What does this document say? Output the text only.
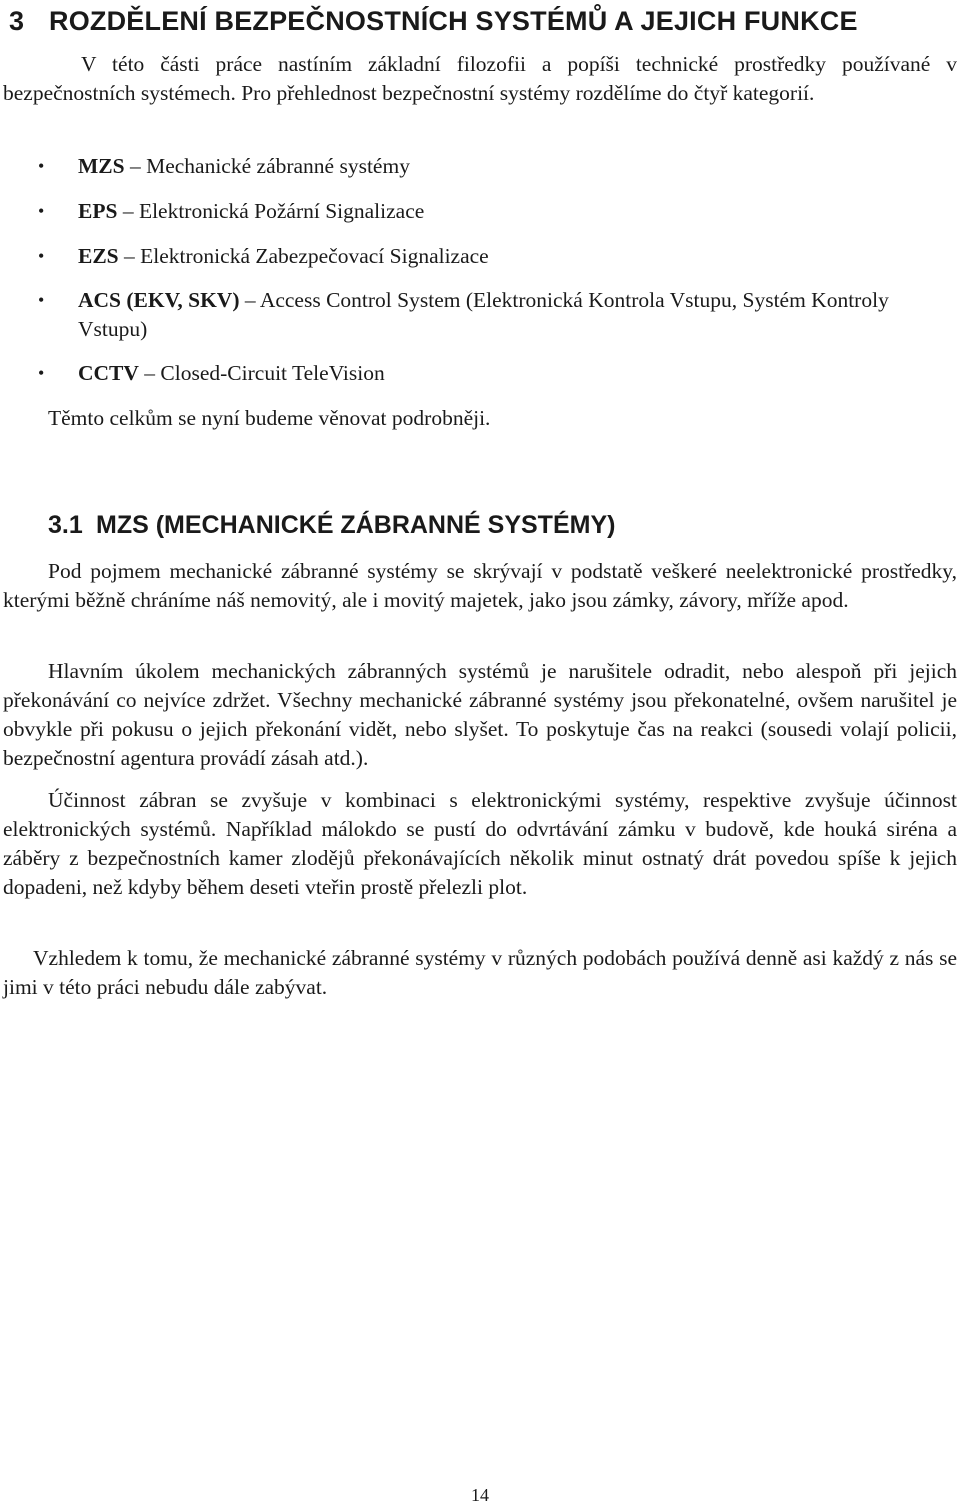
3 ROZDĚLENÍ BEZPEČNOSTNÍCH SYSTÉMŮ A JEJICH FUNKCE

V této části práce nastíním základní filozofii a popíši technické prostředky používané v bezpečnostních systémech. Pro přehlednost bezpečnostní systémy rozdělíme do čtyř kategorií.

• MZS – Mechanické zábranné systémy
• EPS – Elektronická Požární Signalizace
• EZS – Elektronická Zabezpečovací Signalizace
• ACS (EKV, SKV) – Access Control System (Elektronická Kontrola Vstupu, Systém Kontroly Vstupu)
• CCTV – Closed-Circuit TeleVision

Těmto celkům se nyní budeme věnovat podrobněji.

3.1 MZS (MECHANICKÉ ZÁBRANNÉ SYSTÉMY)

Pod pojmem mechanické zábranné systémy se skrývají v podstatě veškeré neelektronické prostředky, kterými běžně chráníme náš nemovitý, ale i movitý majetek, jako jsou zámky, závory, mříže apod.

Hlavním úkolem mechanických zábranných systémů je narušitele odradit, nebo alespoň při jejich překonávání co nejvíce zdržet. Všechny mechanické zábranné systémy jsou překonatelné, ovšem narušitel je obvykle při pokusu o jejich překonání vidět, nebo slyšet. To poskytuje čas na reakci (sousedi volají policii, bezpečnostní agentura provádí zásah atd.).

Účinnost zábran se zvyšuje v kombinaci s elektronickými systémy, respektive zvyšuje účinnost elektronických systémů. Například málokdo se pustí do odvrtávání zámku v budově, kde houká siréna a záběry z bezpečnostních kamer zlodějů překonávajících několik minut ostnatý drát povedou spíše k jejich dopadeni, než kdyby během deseti vteřin prostě přelezli plot.

Vzhledem k tomu, že mechanické zábranné systémy v různých podobách používá denně asi každý z nás se jimi v této práci nebudu dále zabývat.

14
